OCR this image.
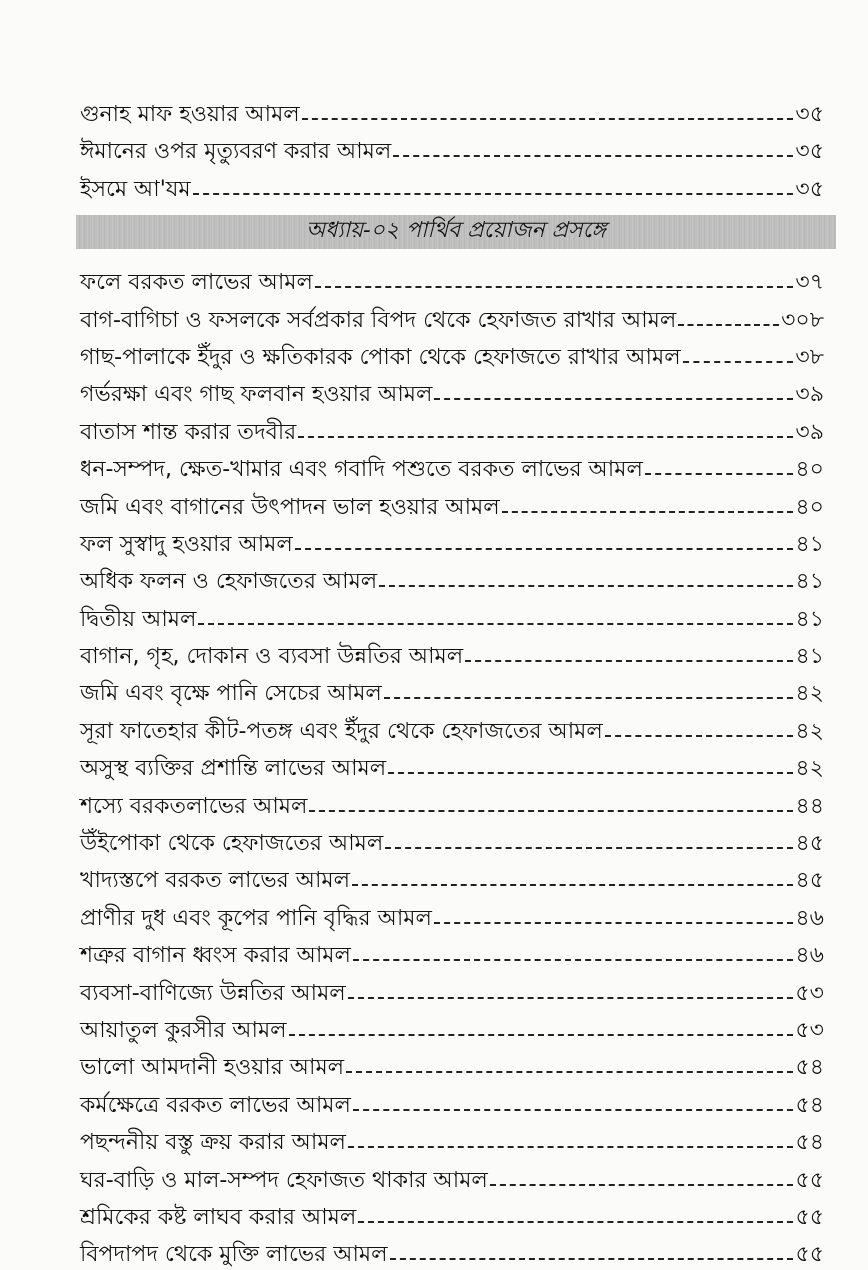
গুনাহ মাফ হওয়ার আমল	৩৫
ঈমানের ওপর মৃত্যুবরণ করার আমল	৩৫
ইসমে আ'যম	৩৫
অধ্যায়-০২ পার্থিব প্রয়োজন প্রসঙ্গে
ফলে বরকত লাভের আমল	৩৭
বাগ-বাগিচা ও ফসলকে সর্বপ্রকার বিপদ থেকে হেফাজত রাখার আমল	৩০৮
গাছ-পালাকে ইঁদুর ও ক্ষতিকারক পোকা থেকে হেফাজতে রাখার আমল	৩৮
গর্ভরক্ষা এবং গাছ ফলবান হওয়ার আমল	৩৯
বাতাস শান্ত করার তদবীর	৩৯
ধন-সম্পদ, ক্ষেত-খামার এবং গবাদি পশুতে বরকত লাভের আমল	৪০
জমি এবং বাগানের উৎপাদন ভাল হওয়ার আমল	৪০
ফল সুস্বাদু হওয়ার আমল	৪১
অধিক ফলন ও হেফাজতের আমল	৪১
দ্বিতীয় আমল	৪১
বাগান, গৃহ, দোকান ও ব্যবসা উন্নতির আমল	৪১
জমি এবং বৃক্ষে পানি সেচের আমল	৪২
সূরা ফাতেহার কীট-পতঙ্গ এবং ইঁদুর থেকে হেফাজতের আমল	৪২
অসুস্থ ব্যক্তির প্রশান্তি লাভের আমল	৪২
শস্যে বরকতলাভের আমল	৪৪
উঁইপোকা থেকে হেফাজতের আমল	৪৫
খাদ্যস্তপে বরকত লাভের আমল	৪৫
প্রাণীর দুধ এবং কূপের পানি বৃদ্ধির আমল	৪৬
শত্রুর বাগান ধ্বংস করার আমল	৪৬
ব্যবসা-বাণিজ্যে উন্নতির আমল	৫৩
আয়াতুল কুরসীর আমল	৫৩
ভালো আমদানী হওয়ার আমল	৫৪
কর্মক্ষেত্রে বরকত লাভের আমল	৫৪
পছন্দনীয় বস্তু ক্রয় করার আমল	৫৪
ঘর-বাড়ি ও মাল-সম্পদ হেফাজত থাকার আমল	৫৫
শ্রমিকের কষ্ট লাঘব করার আমল	৫৫
বিপদাপদ থেকে মুক্তি লাভের আমল	৫৫
